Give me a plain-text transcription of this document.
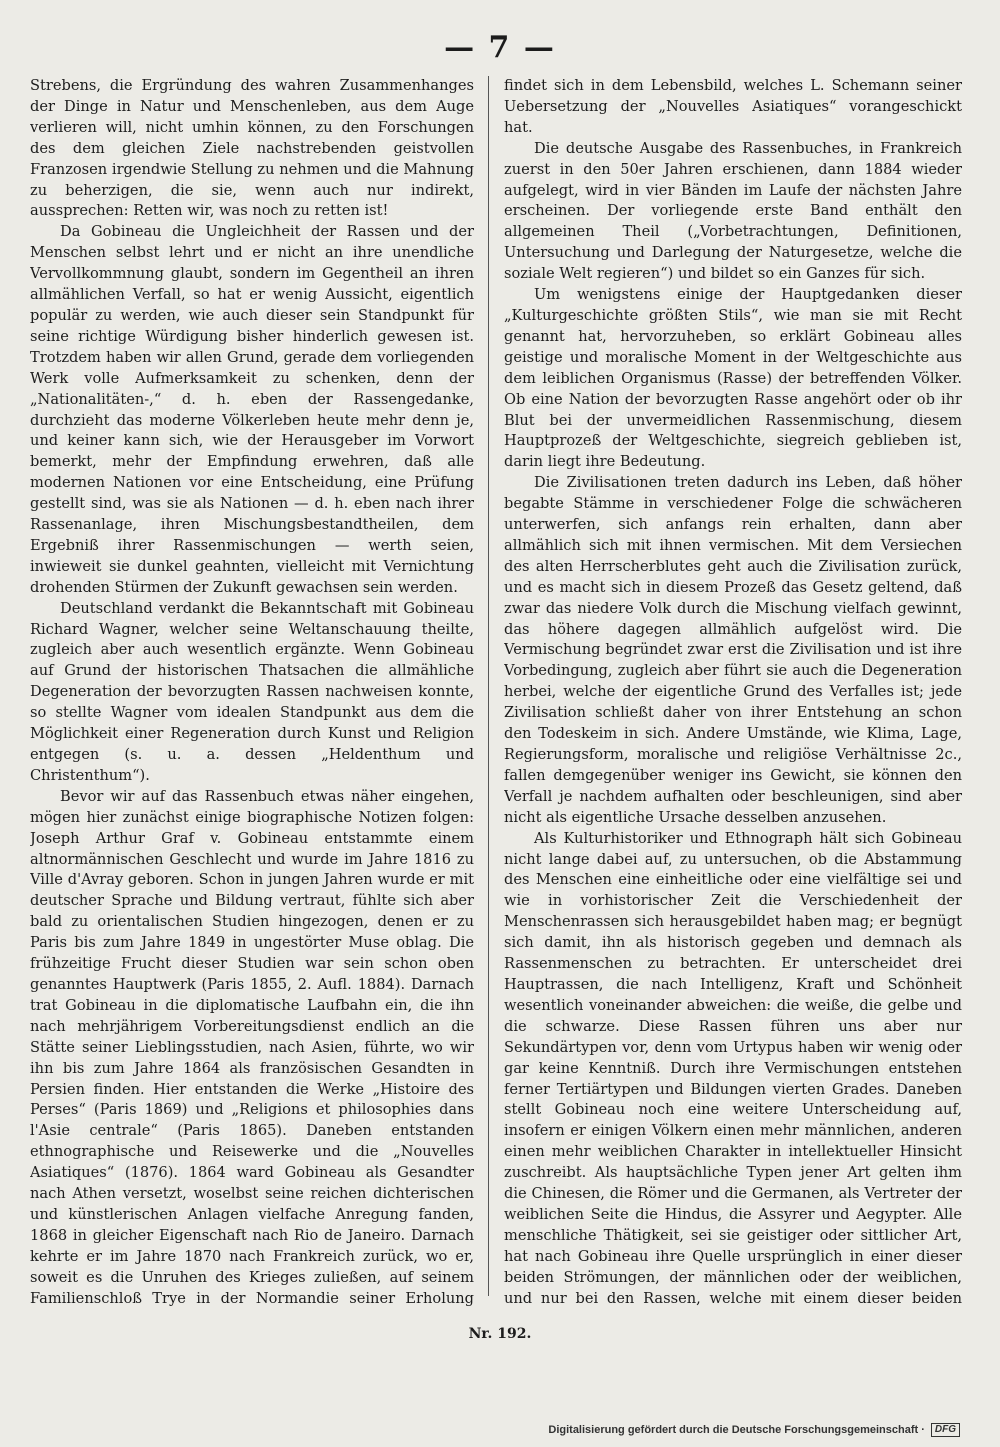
— 7 —

Strebens, die Ergründung des wahren Zusammenhanges der Dinge in Natur und Menschenleben, aus dem Auge verlieren will, nicht umhin können, zu den Forschungen des dem gleichen Ziele nachstrebenden geistvollen Franzosen irgendwie Stellung zu nehmen und die Mahnung zu beherzigen, die sie, wenn auch nur indirekt, aussprechen: Retten wir, was noch zu retten ist!

Da Gobineau die Ungleichheit der Rassen und der Menschen selbst lehrt und er nicht an ihre unendliche Vervollkommnung glaubt, sondern im Gegentheil an ihren allmählichen Verfall, so hat er wenig Aussicht, eigentlich populär zu werden, wie auch dieser sein Standpunkt für seine richtige Würdigung bisher hinderlich gewesen ist. Trotzdem haben wir allen Grund, gerade dem vorliegenden Werk volle Aufmerksamkeit zu schenken, denn der „Nationalitäten-,“ d. h. eben der Rassengedanke, durchzieht das moderne Völkerleben heute mehr denn je, und keiner kann sich, wie der Herausgeber im Vorwort bemerkt, mehr der Empfindung erwehren, daß alle modernen Nationen vor eine Entscheidung, eine Prüfung gestellt sind, was sie als Nationen — d. h. eben nach ihrer Rassenanlage, ihren Mischungsbestandtheilen, dem Ergebniß ihrer Rassenmischungen — werth seien, inwieweit sie dunkel geahnten, vielleicht mit Vernichtung drohenden Stürmen der Zukunft gewachsen sein werden.

Deutschland verdankt die Bekanntschaft mit Gobineau Richard Wagner, welcher seine Weltanschauung theilte, zugleich aber auch wesentlich ergänzte. Wenn Gobineau auf Grund der historischen Thatsachen die allmähliche Degeneration der bevorzugten Rassen nachweisen konnte, so stellte Wagner vom idealen Standpunkt aus dem die Möglichkeit einer Regeneration durch Kunst und Religion entgegen (s. u. a. dessen „Heldenthum und Christenthum“).

Bevor wir auf das Rassenbuch etwas näher eingehen, mögen hier zunächst einige biographische Notizen folgen: Joseph Arthur Graf v. Gobineau entstammte einem altnormännischen Geschlecht und wurde im Jahre 1816 zu Ville d'Avray geboren. Schon in jungen Jahren wurde er mit deutscher Sprache und Bildung vertraut, fühlte sich aber bald zu orientalischen Studien hingezogen, denen er zu Paris bis zum Jahre 1849 in ungestörter Muse oblag. Die frühzeitige Frucht dieser Studien war sein schon oben genanntes Hauptwerk (Paris 1855, 2. Aufl. 1884). Darnach trat Gobineau in die diplomatische Laufbahn ein, die ihn nach mehrjährigem Vorbereitungsdienst endlich an die Stätte seiner Lieblingsstudien, nach Asien, führte, wo wir ihn bis zum Jahre 1864 als französischen Gesandten in Persien finden. Hier entstanden die Werke „Histoire des Perses“ (Paris 1869) und „Religions et philosophies dans l'Asie centrale“ (Paris 1865). Daneben entstanden ethnographische und Reisewerke und die „Nouvelles Asiatiques“ (1876). 1864 ward Gobineau als Gesandter nach Athen versetzt, woselbst seine reichen dichterischen und künstlerischen Anlagen vielfache Anregung fanden, 1868 in gleicher Eigenschaft nach Rio de Janeiro. Darnach kehrte er im Jahre 1870 nach Frankreich zurück, wo er, soweit es die Unruhen des Krieges zuließen, auf seinem Familienschloß Trye in der Normandie seiner Erholung

findet sich in dem Lebensbild, welches L. Schemann seiner Uebersetzung der „Nouvelles Asiatiques“ vorangeschickt hat.

Die deutsche Ausgabe des Rassenbuches, in Frankreich zuerst in den 50er Jahren erschienen, dann 1884 wieder aufgelegt, wird in vier Bänden im Laufe der nächsten Jahre erscheinen. Der vorliegende erste Band enthält den allgemeinen Theil („Vorbetrachtungen, Definitionen, Untersuchung und Darlegung der Naturgesetze, welche die soziale Welt regieren“) und bildet so ein Ganzes für sich.

Um wenigstens einige der Hauptgedanken dieser „Kulturgeschichte größten Stils“, wie man sie mit Recht genannt hat, hervorzuheben, so erklärt Gobineau alles geistige und moralische Moment in der Weltgeschichte aus dem leiblichen Organismus (Rasse) der betreffenden Völker. Ob eine Nation der bevorzugten Rasse angehört oder ob ihr Blut bei der unvermeidlichen Rassenmischung, diesem Hauptprozeß der Weltgeschichte, siegreich geblieben ist, darin liegt ihre Bedeutung.

Die Zivilisationen treten dadurch ins Leben, daß höher begabte Stämme in verschiedener Folge die schwächeren unterwerfen, sich anfangs rein erhalten, dann aber allmählich sich mit ihnen vermischen. Mit dem Versiechen des alten Herrscherblutes geht auch die Zivilisation zurück, und es macht sich in diesem Prozeß das Gesetz geltend, daß zwar das niedere Volk durch die Mischung vielfach gewinnt, das höhere dagegen allmählich aufgelöst wird. Die Vermischung begründet zwar erst die Zivilisation und ist ihre Vorbedingung, zugleich aber führt sie auch die Degeneration herbei, welche der eigentliche Grund des Verfalles ist; jede Zivilisation schließt daher von ihrer Entstehung an schon den Todeskeim in sich. Andere Umstände, wie Klima, Lage, Regierungsform, moralische und religiöse Verhältnisse 2c., fallen demgegenüber weniger ins Gewicht, sie können den Verfall je nachdem aufhalten oder beschleunigen, sind aber nicht als eigentliche Ursache desselben anzusehen.

Als Kulturhistoriker und Ethnograph hält sich Gobineau nicht lange dabei auf, zu untersuchen, ob die Abstammung des Menschen eine einheitliche oder eine vielfältige sei und wie in vorhistorischer Zeit die Verschiedenheit der Menschenrassen sich herausgebildet haben mag; er begnügt sich damit, ihn als historisch gegeben und demnach als Rassenmenschen zu betrachten. Er unterscheidet drei Hauptrassen, die nach Intelligenz, Kraft und Schönheit wesentlich voneinander abweichen: die weiße, die gelbe und die schwarze. Diese Rassen führen uns aber nur Sekundärtypen vor, denn vom Urtypus haben wir wenig oder gar keine Kenntniß. Durch ihre Vermischungen entstehen ferner Tertiärtypen und Bildungen vierten Grades. Daneben stellt Gobineau noch eine weitere Unterscheidung auf, insofern er einigen Völkern einen mehr männlichen, anderen einen mehr weiblichen Charakter in intellektueller Hinsicht zuschreibt. Als hauptsächliche Typen jener Art gelten ihm die Chinesen, die Römer und die Germanen, als Vertreter der weiblichen Seite die Hindus, die Assyrer und Aegypter. Alle menschliche Thätigkeit, sei sie geistiger oder sittlicher Art, hat nach Gobineau ihre Quelle ursprünglich in einer dieser beiden Strömungen, der männlichen oder der weiblichen, und nur bei den Rassen, welche mit einem dieser beiden

Nr. 192.
Digitalisierung gefördert durch die Deutsche Forschungsgemeinschaft ·	DFG
